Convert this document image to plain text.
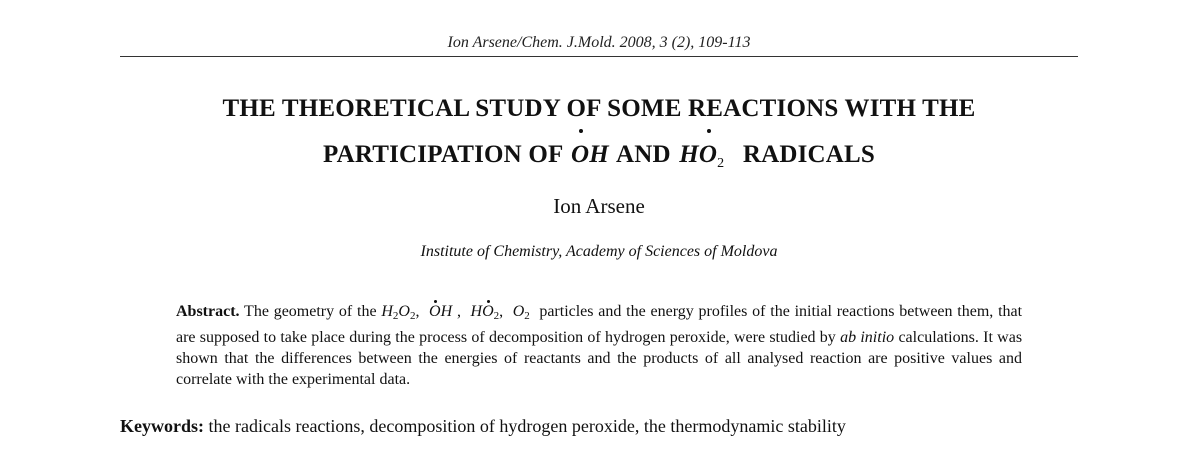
Ion Arsene/Chem. J.Mold. 2008, 3 (2), 109-113
THE THEORETICAL STUDY OF SOME REACTIONS WITH THE
PARTICIPATION OF OH AND $HO_2$ RADICALS
Ion Arsene
Institute of Chemistry, Academy of Sciences of Moldova
Abstract. The geometry of the $H_2O_2$, OH , $HO_2$, $O_2$ particles and the energy profiles of the initial reactions between them, that are supposed to take place during the process of decomposition of hydrogen peroxide, were studied by ab initio calculations. It was shown that the differences between the energies of reactants and the products of all analysed reaction are positive values and correlate with the experimental data.
Keywords: the radicals reactions, decomposition of hydrogen peroxide, the thermodynamic stability
